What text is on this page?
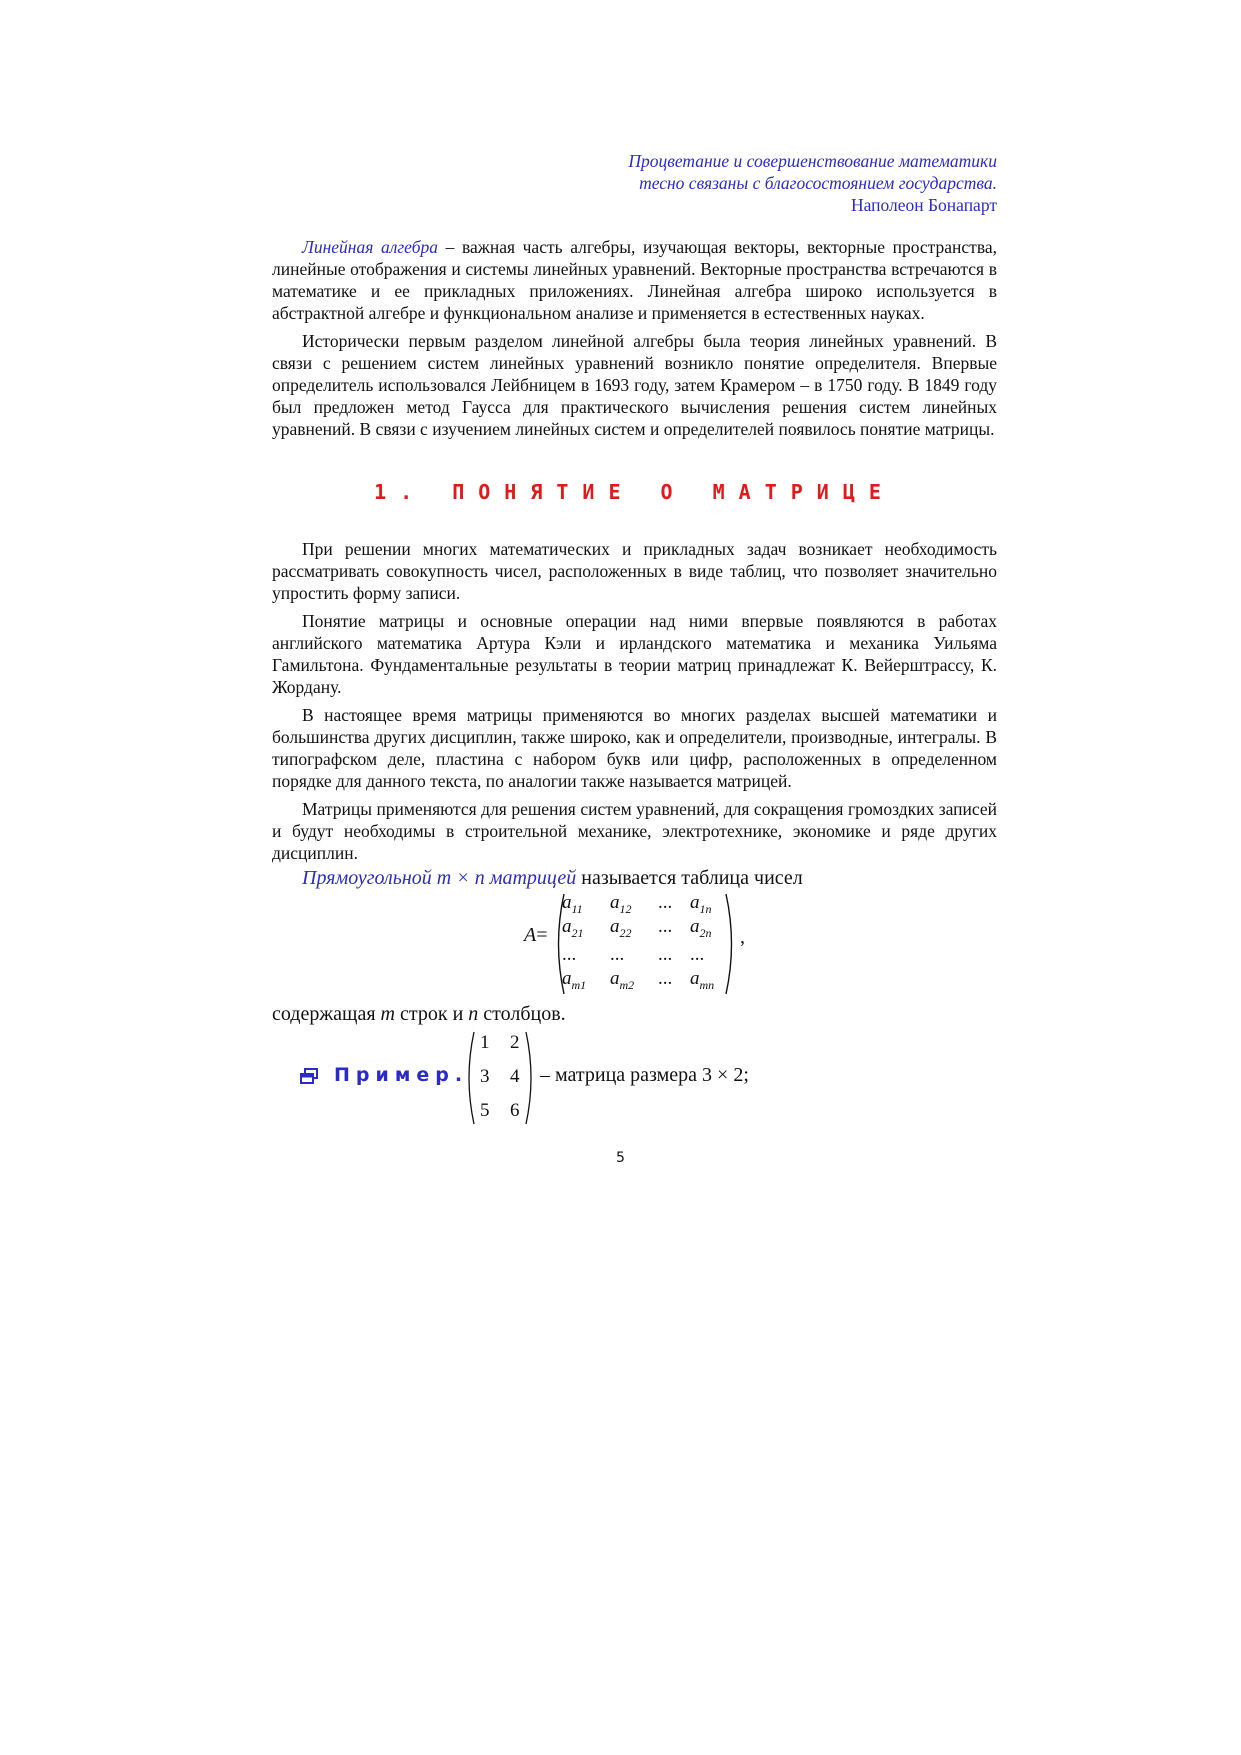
Процветание и совершенствование математики
тесно связаны с благосостоянием государства.
Наполеон Бонапарт

Линейная алгебра – важная часть алгебры, изучающая векторы, векторные пространства, линейные отображения и системы линейных уравнений. Векторные пространства встречаются в математике и ее прикладных приложениях. Линейная алгебра широко используется в абстрактной алгебре и функциональном анализе и применяется в естественных науках.

Исторически первым разделом линейной алгебры была теория линейных уравнений. В связи с решением систем линейных уравнений возникло понятие определителя. Впервые определитель использовался Лейбницем в 1693 году, затем Крамером – в 1750 году. В 1849 году был предложен метод Гаусса для практического вычисления решения систем линейных уравнений. В связи с изучением линейных систем и определителей появилось понятие матрицы.

1. ПОНЯТИЕ О МАТРИЦЕ

При решении многих математических и прикладных задач возникает необходимость рассматривать совокупность чисел, расположенных в виде таблиц, что позволяет значительно упростить форму записи.

Понятие матрицы и основные операции над ними впервые появляются в работах английского математика Артура Кэли и ирландского математика и механика Уильяма Гамильтона. Фундаментальные результаты в теории матриц принадлежат К. Вейерштрассу, К. Жордану.

В настоящее время матрицы применяются во многих разделах высшей математики и большинства других дисциплин, также широко, как и определители, производные, интегралы. В типографском деле, пластина с набором букв или цифр, расположенных в определенном порядке для данного текста, по аналогии также называется матрицей.

Матрицы применяются для решения систем уравнений, для сокращения громоздких записей и будут необходимы в строительной механике, электротехнике, экономике и ряде других дисциплин.

Прямоугольной m × n матрицей называется таблица чисел

A=
$a_{11}$ $a_{12}$ ... $a_{1n}$
$a_{21}$ $a_{22}$ ... $a_{2n}$
... ... ... ...
$a_{m1}$ $a_{m2}$ ... $a_{mn}$
,

содержащая m строк и n столбцов.

Пример.
1 2
3 4
5 6
– матрица размера 3 × 2;
5
